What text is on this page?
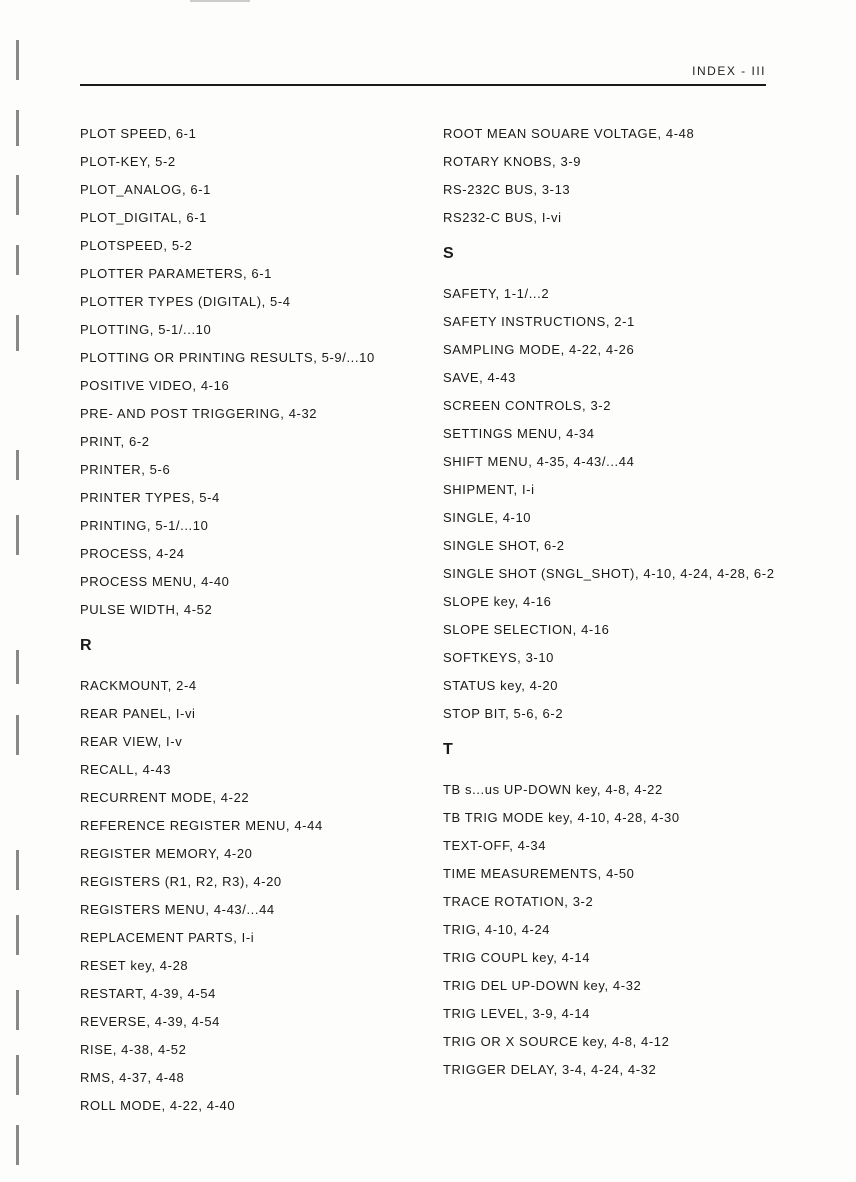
INDEX - III

PLOT SPEED, 6-1

PLOT-KEY, 5-2

PLOT_ANALOG, 6-1

PLOT_DIGITAL, 6-1

PLOTSPEED, 5-2

PLOTTER PARAMETERS, 6-1

PLOTTER TYPES (DIGITAL), 5-4

PLOTTING, 5-1/...10

PLOTTING OR PRINTING RESULTS, 5-9/...10

POSITIVE VIDEO, 4-16

PRE- AND POST TRIGGERING, 4-32

PRINT, 6-2

PRINTER, 5-6

PRINTER TYPES, 5-4

PRINTING, 5-1/...10

PROCESS, 4-24

PROCESS MENU, 4-40

PULSE WIDTH, 4-52

R

RACKMOUNT, 2-4

REAR PANEL, I-vi

REAR VIEW, I-v

RECALL, 4-43

RECURRENT MODE, 4-22

REFERENCE REGISTER MENU, 4-44

REGISTER MEMORY, 4-20

REGISTERS (R1, R2, R3), 4-20

REGISTERS MENU, 4-43/...44

REPLACEMENT PARTS, I-i

RESET key, 4-28

RESTART, 4-39, 4-54

REVERSE, 4-39, 4-54

RISE, 4-38, 4-52

RMS, 4-37, 4-48

ROLL MODE, 4-22, 4-40

ROOT MEAN SOUARE VOLTAGE, 4-48

ROTARY KNOBS, 3-9

RS-232C BUS, 3-13

RS232-C BUS, I-vi

S

SAFETY, 1-1/...2

SAFETY INSTRUCTIONS, 2-1

SAMPLING MODE, 4-22, 4-26

SAVE, 4-43

SCREEN CONTROLS, 3-2

SETTINGS MENU, 4-34

SHIFT MENU, 4-35, 4-43/...44

SHIPMENT, I-i

SINGLE, 4-10

SINGLE SHOT, 6-2

SINGLE SHOT (SNGL_SHOT), 4-10, 4-24, 4-28, 6-2

SLOPE key, 4-16

SLOPE SELECTION, 4-16

SOFTKEYS, 3-10

STATUS key, 4-20

STOP BIT, 5-6, 6-2

T

TB s...us UP-DOWN key, 4-8, 4-22

TB TRIG MODE key, 4-10, 4-28, 4-30

TEXT-OFF, 4-34

TIME MEASUREMENTS, 4-50

TRACE ROTATION, 3-2

TRIG, 4-10, 4-24

TRIG COUPL key, 4-14

TRIG DEL UP-DOWN key, 4-32

TRIG LEVEL, 3-9, 4-14

TRIG OR X SOURCE key, 4-8, 4-12

TRIGGER DELAY, 3-4, 4-24, 4-32
